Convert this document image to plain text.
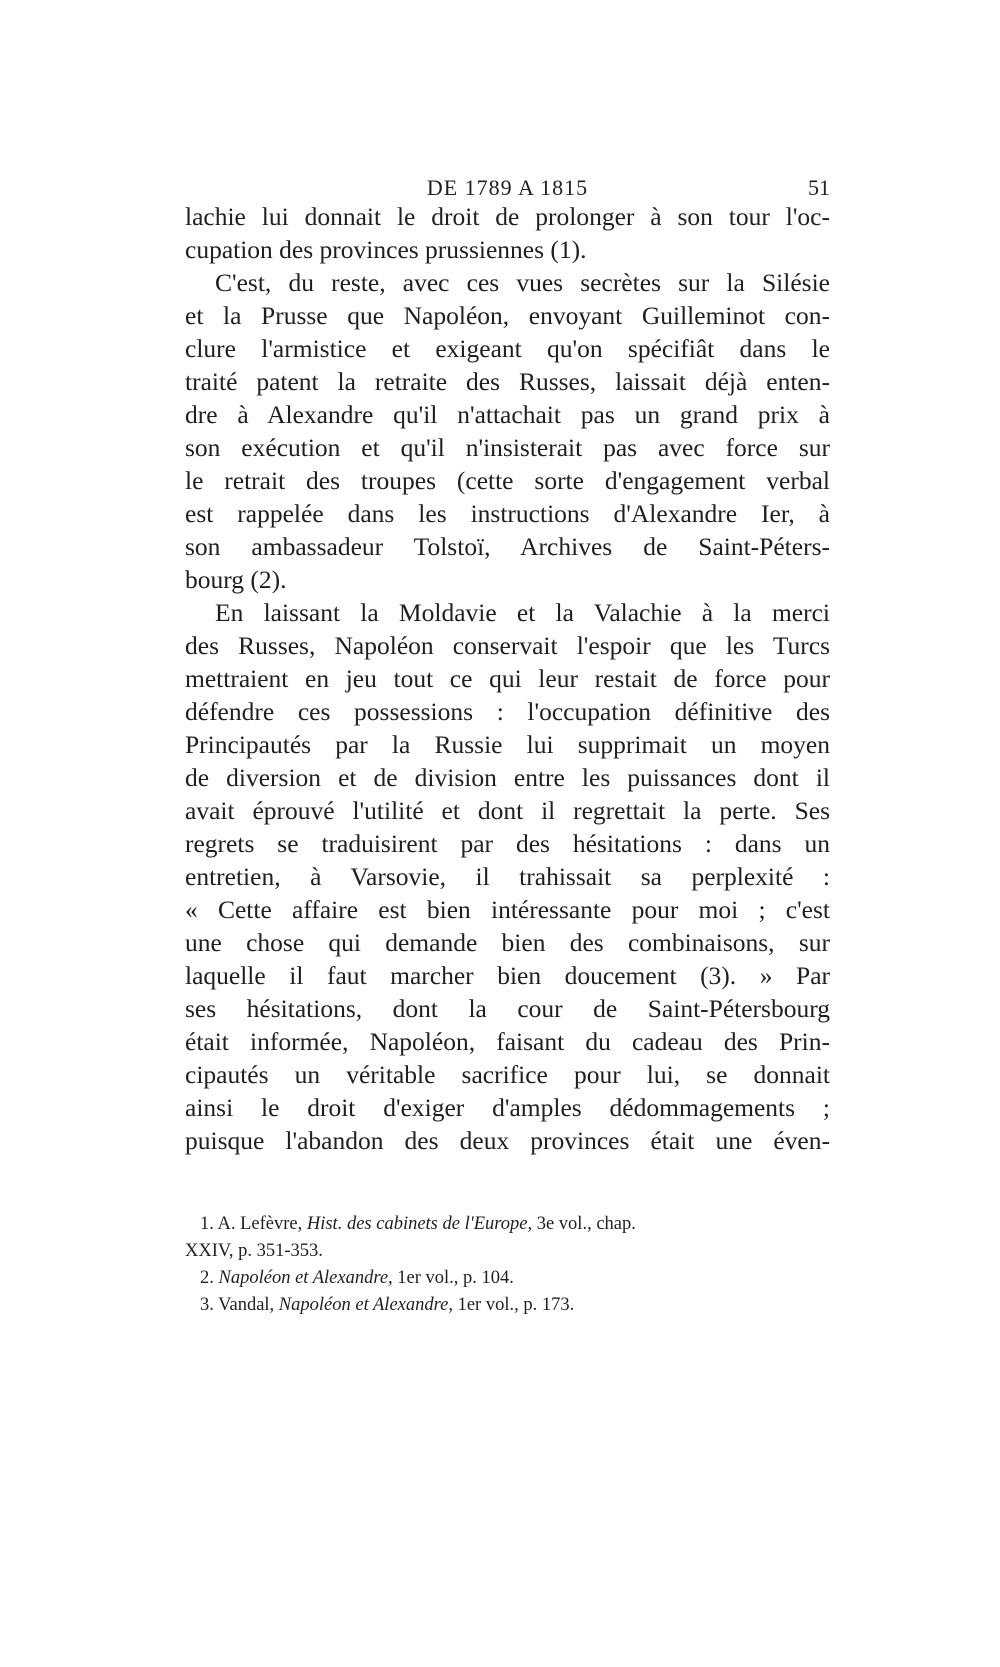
DE 1789 A 1815	51
lachie lui donnait le droit de prolonger à son tour l'oc-
cupation des provinces prussiennes (1).
C'est, du reste, avec ces vues secrètes sur la Silésie
et la Prusse que Napoléon, envoyant Guilleminot con-
clure l'armistice et exigeant qu'on spécifiât dans le
traité patent la retraite des Russes, laissait déjà enten-
dre à Alexandre qu'il n'attachait pas un grand prix à
son exécution et qu'il n'insisterait pas avec force sur
le retrait des troupes (cette sorte d'engagement verbal
est rappelée dans les instructions d'Alexandre Ier, à
son ambassadeur Tolstoï, Archives de Saint-Péters-
bourg (2).
En laissant la Moldavie et la Valachie à la merci
des Russes, Napoléon conservait l'espoir que les Turcs
mettraient en jeu tout ce qui leur restait de force pour
défendre ces possessions : l'occupation définitive des
Principautés par la Russie lui supprimait un moyen
de diversion et de division entre les puissances dont il
avait éprouvé l'utilité et dont il regrettait la perte. Ses
regrets se traduisirent par des hésitations : dans un
entretien, à Varsovie, il trahissait sa perplexité :
« Cette affaire est bien intéressante pour moi ; c'est
une chose qui demande bien des combinaisons, sur
laquelle il faut marcher bien doucement (3). » Par
ses hésitations, dont la cour de Saint-Pétersbourg
était informée, Napoléon, faisant du cadeau des Prin-
cipautés un véritable sacrifice pour lui, se donnait
ainsi le droit d'exiger d'amples dédommagements ;
puisque l'abandon des deux provinces était une éven-
1. A. Lefèvre, Hist. des cabinets de l'Europe, 3e vol., chap.
XXIV, p. 351-353.
2. Napoléon et Alexandre, 1er vol., p. 104.
3. Vandal, Napoléon et Alexandre, 1er vol., p. 173.
